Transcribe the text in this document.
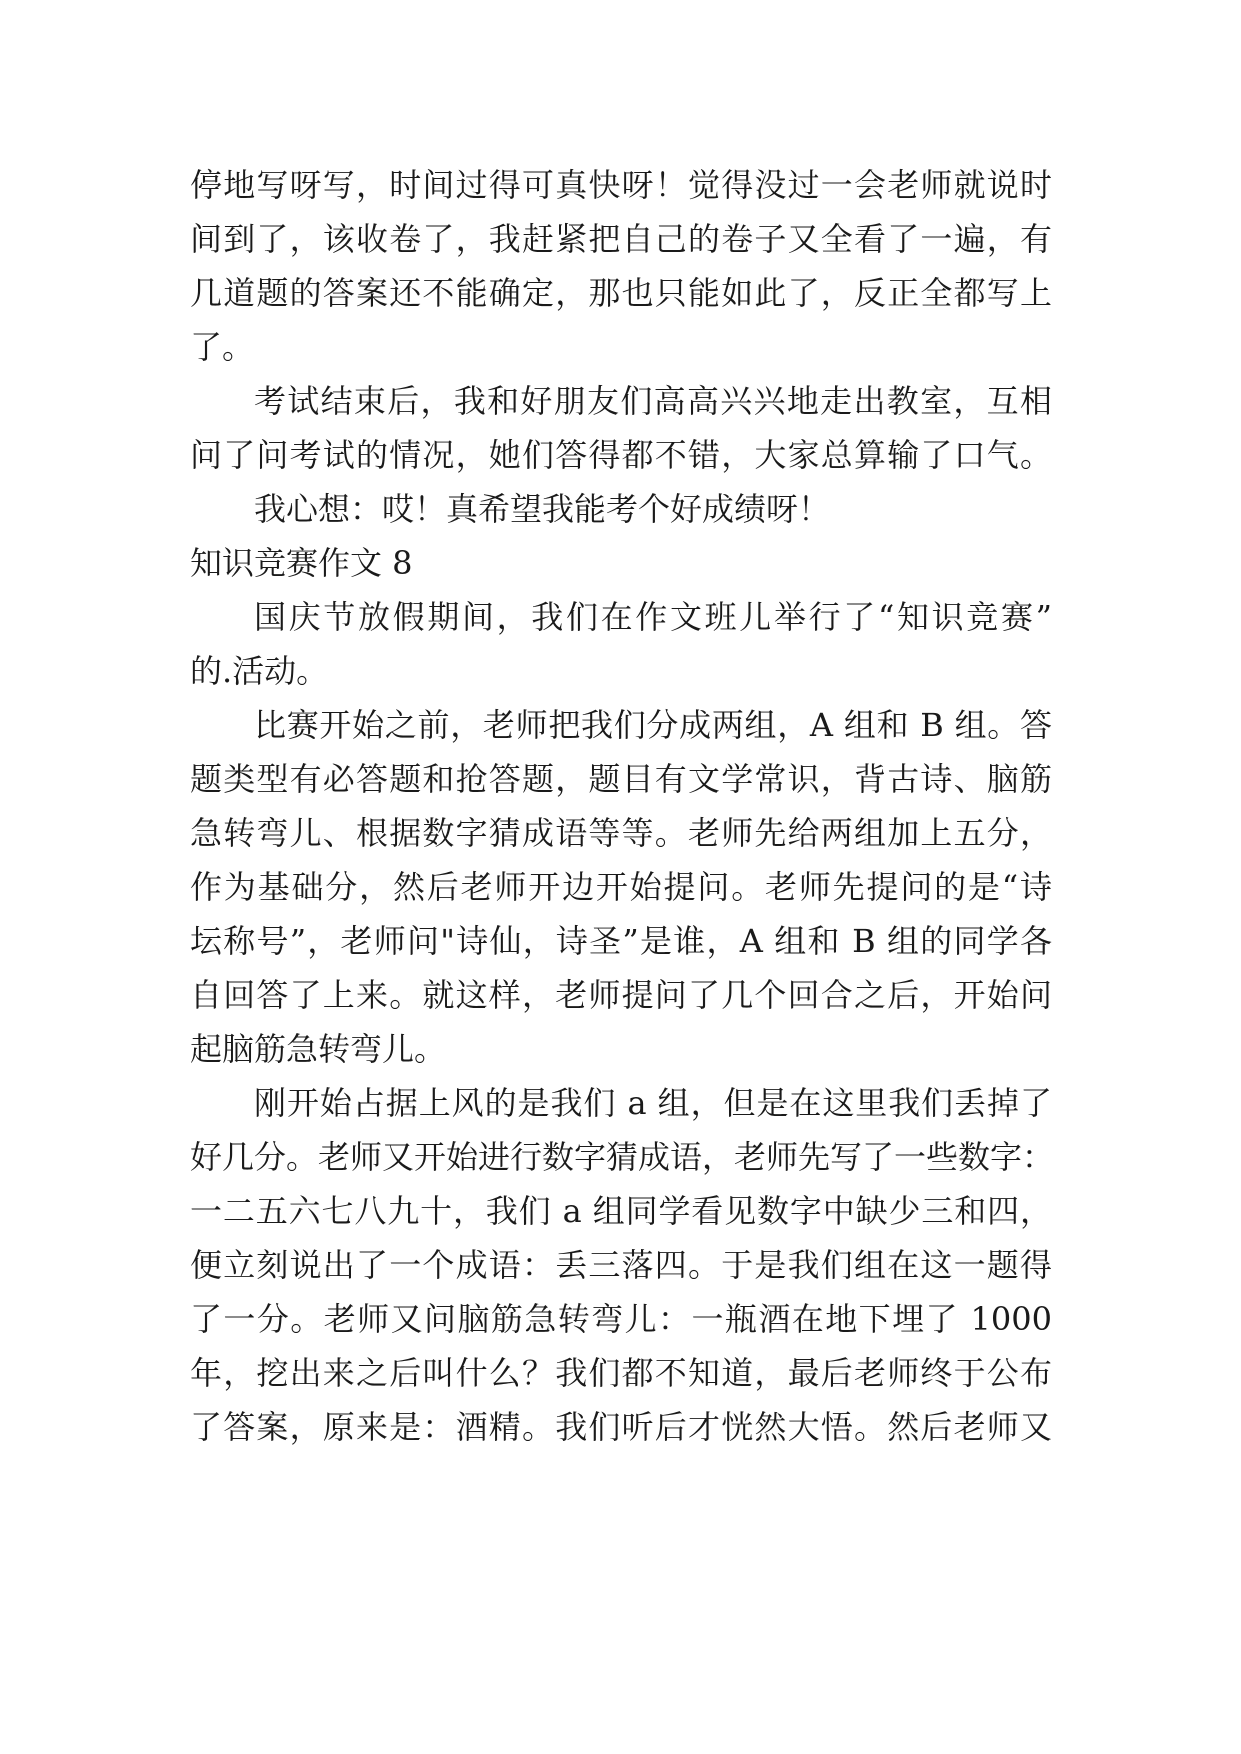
停地写呀写，时间过得可真快呀！觉得没过一会老师就说时
间到了，该收卷了，我赶紧把自己的卷子又全看了一遍，有
几道题的答案还不能确定，那也只能如此了，反正全都写上
了。
考试结束后，我和好朋友们高高兴兴地走出教室，互相
问了问考试的情况，她们答得都不错，大家总算输了口气。
我心想：哎！真希望我能考个好成绩呀！
知识竞赛作文 8
国庆节放假期间，我们在作文班儿举行了“知识竞赛”
的.活动。
比赛开始之前，老师把我们分成两组，A 组和 B 组。答
题类型有必答题和抢答题，题目有文学常识，背古诗、脑筋
急转弯儿、根据数字猜成语等等。老师先给两组加上五分，
作为基础分，然后老师开边开始提问。老师先提问的是“诗
坛称号”，老师问"诗仙，诗圣”是谁，A 组和 B 组的同学各
自回答了上来。就这样，老师提问了几个回合之后，开始问
起脑筋急转弯儿。
刚开始占据上风的是我们 a 组，但是在这里我们丢掉了
好几分。老师又开始进行数字猜成语，老师先写了一些数字：
一二五六七八九十，我们 a 组同学看见数字中缺少三和四，
便立刻说出了一个成语：丢三落四。于是我们组在这一题得
了一分。老师又问脑筋急转弯儿：一瓶酒在地下埋了 1000
年，挖出来之后叫什么？我们都不知道，最后老师终于公布
了答案，原来是：酒精。我们听后才恍然大悟。然后老师又
